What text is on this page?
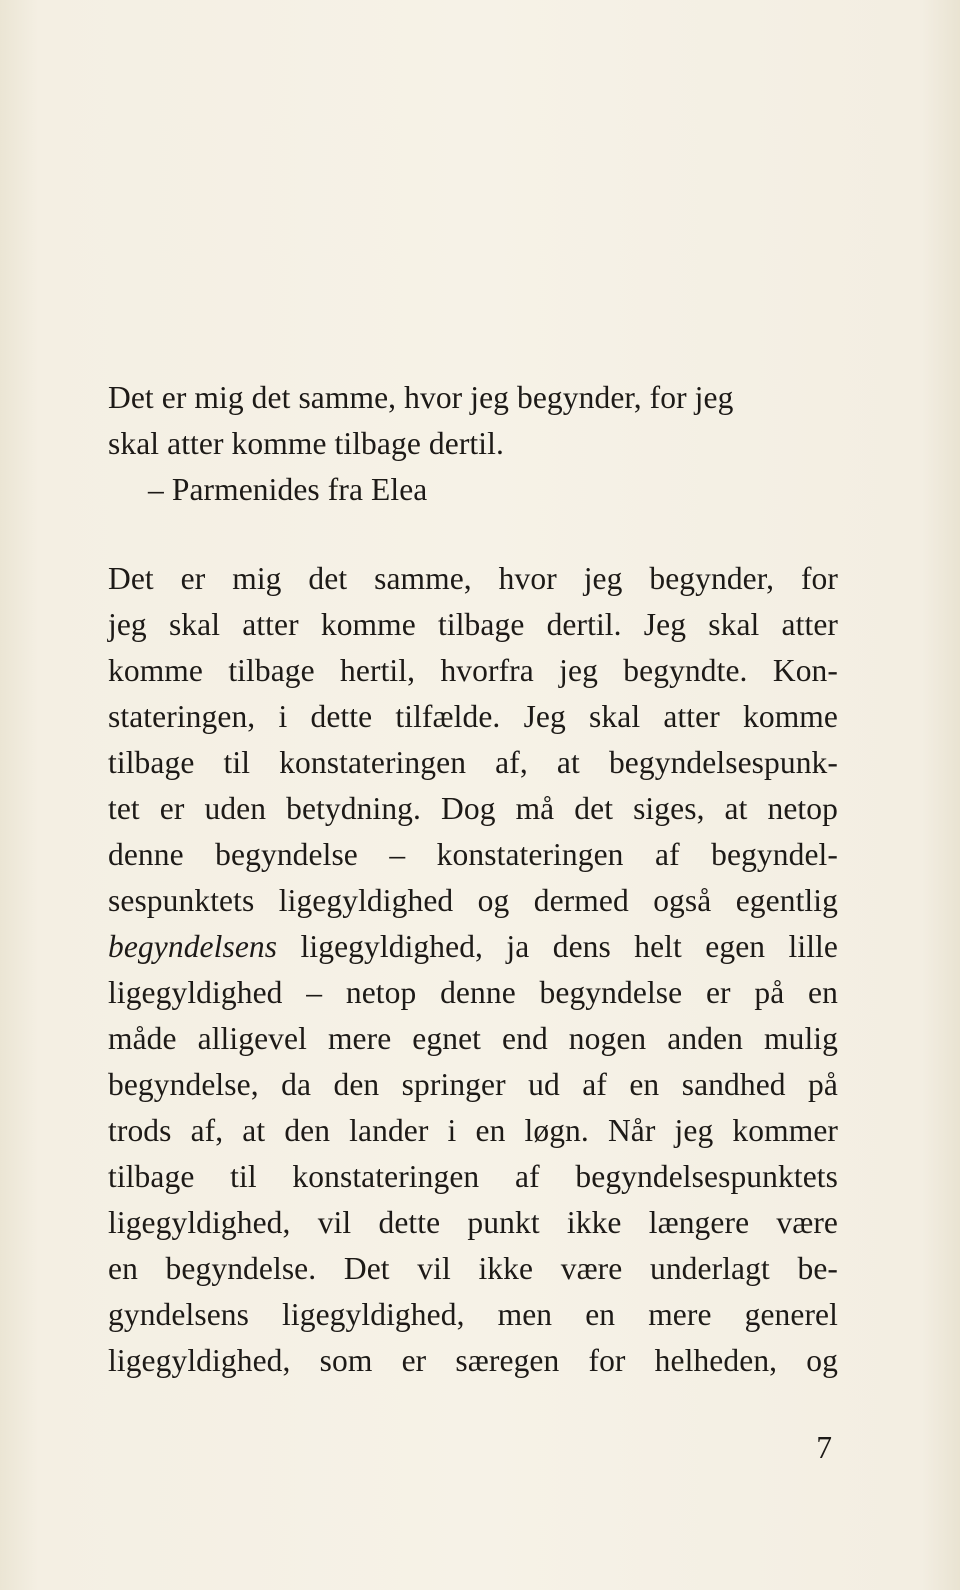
Det er mig det samme, hvor jeg begynder, for jeg
skal atter komme tilbage dertil.
– Parmenides fra Elea
Det er mig det samme, hvor jeg begynder, for
jeg skal atter komme tilbage dertil. Jeg skal atter
komme tilbage hertil, hvorfra jeg begyndte. Kon-
stateringen, i dette tilfælde. Jeg skal atter komme
tilbage til konstateringen af, at begyndelsespunk-
tet er uden betydning. Dog må det siges, at netop
denne begyndelse – konstateringen af begyndel-
sespunktets ligegyldighed og dermed også egentlig
begyndelsens ligegyldighed, ja dens helt egen lille
ligegyldighed – netop denne begyndelse er på en
måde alligevel mere egnet end nogen anden mulig
begyndelse, da den springer ud af en sandhed på
trods af, at den lander i en løgn. Når jeg kommer
tilbage til konstateringen af begyndelsespunktets
ligegyldighed, vil dette punkt ikke længere være
en begyndelse. Det vil ikke være underlagt be-
gyndelsens ligegyldighed, men en mere generel
ligegyldighed, som er særegen for helheden, og
7
